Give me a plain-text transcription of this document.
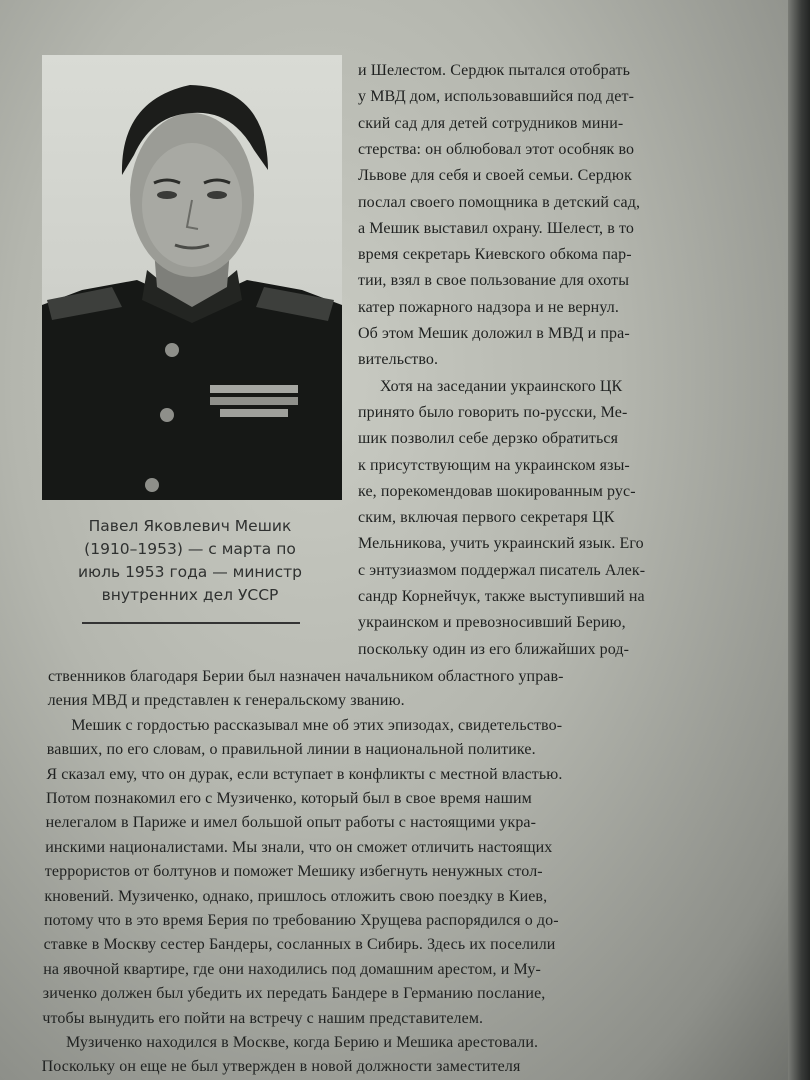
Павел Яковлевич Мешик
(1910–1953) — с марта по
июль 1953 года — министр
внутренних дел УССР
и Шелестом. Сердюк пытался отобрать
у МВД дом, использовавшийся под дет-
ский сад для детей сотрудников мини-
стерства: он облюбовал этот особняк во
Львове для себя и своей семьи. Сердюк
послал своего помощника в детский сад,
а Мешик выставил охрану. Шелест, в то
время секретарь Киевского обкома пар-
тии, взял в свое пользование для охоты
катер пожарного надзора и не вернул.
Об этом Мешик доложил в МВД и пра-
вительство.
Хотя на заседании украинского ЦК
принято было говорить по-русски, Ме-
шик позволил себе дерзко обратиться
к присутствующим на украинском язы-
ке, порекомендовав шокированным рус-
ским, включая первого секретаря ЦК
Мельникова, учить украинский язык. Его
с энтузиазмом поддержал писатель Алек-
сандр Корнейчук, также выступивший на
украинском и превозносивший Берию,
поскольку один из его ближайших род-
ственников благодаря Берии был назначен начальником областного управ-
ления МВД и представлен к генеральскому званию.
Мешик с гордостью рассказывал мне об этих эпизодах, свидетельство-
вавших, по его словам, о правильной линии в национальной политике.
Я сказал ему, что он дурак, если вступает в конфликты с местной властью.
Потом познакомил его с Музиченко, который был в свое время нашим
нелегалом в Париже и имел большой опыт работы с настоящими укра-
инскими националистами. Мы знали, что он сможет отличить настоящих
террористов от болтунов и поможет Мешику избегнуть ненужных стол-
кновений. Музиченко, однако, пришлось отложить свою поездку в Киев,
потому что в это время Берия по требованию Хрущева распорядился о до-
ставке в Москву сестер Бандеры, сосланных в Сибирь. Здесь их поселили
на явочной квартире, где они находились под домашним арестом, и Му-
зиченко должен был убедить их передать Бандере в Германию послание,
чтобы вынудить его пойти на встречу с нашим представителем.
Музиченко находился в Москве, когда Берию и Мешика арестовали.
Поскольку он еще не был утвержден в новой должности заместителя
